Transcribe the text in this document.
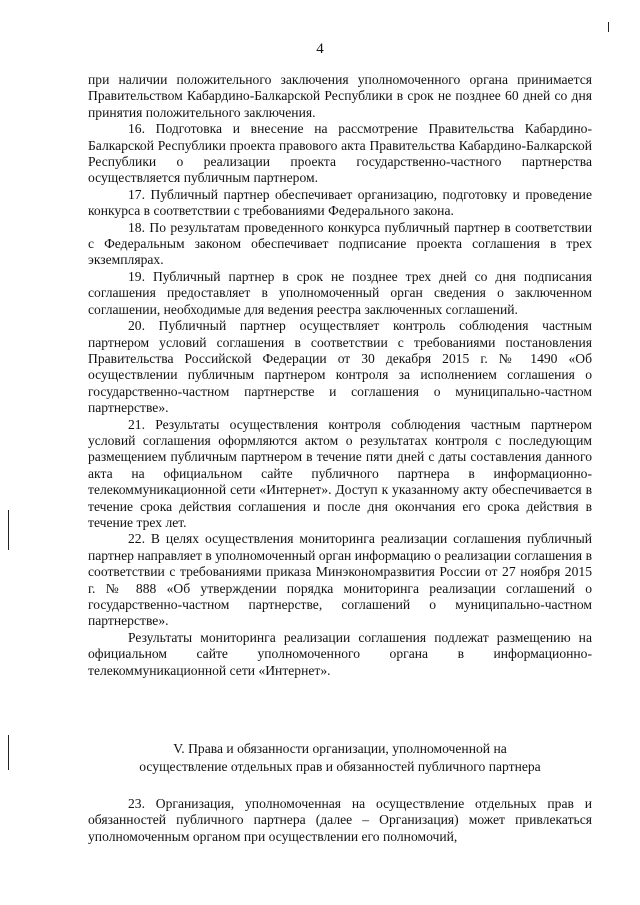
4

при наличии положительного заключения уполномоченного органа принимается Правительством Кабардино-Балкарской Республики в срок не позднее 60 дней со дня принятия положительного заключения.

16. Подготовка и внесение на рассмотрение Правительства Кабардино-Балкарской Республики проекта правового акта Правительства Кабардино-Балкарской Республики о реализации проекта государственно-частного партнерства осуществляется публичным партнером.

17. Публичный партнер обеспечивает организацию, подготовку и проведение конкурса в соответствии с требованиями Федерального закона.

18. По результатам проведенного конкурса публичный партнер в соответствии с Федеральным законом обеспечивает подписание проекта соглашения в трех экземплярах.

19. Публичный партнер в срок не позднее трех дней со дня подписания соглашения предоставляет в уполномоченный орган сведения о заключенном соглашении, необходимые для ведения реестра заключенных соглашений.

20. Публичный партнер осуществляет контроль соблюдения частным партнером условий соглашения в соответствии с требованиями постановления Правительства Российской Федерации от 30 декабря 2015 г. № 1490 «Об осуществлении публичным партнером контроля за исполнением соглашения о государственно-частном партнерстве и соглашения о муниципально-частном партнерстве».

21. Результаты осуществления контроля соблюдения частным партнером условий соглашения оформляются актом о результатах контроля с последующим размещением публичным партнером в течение пяти дней с даты составления данного акта на официальном сайте публичного партнера в информационно-телекоммуникационной сети «Интернет». Доступ к указанному акту обеспечивается в течение срока действия соглашения и после дня окончания его срока действия в течение трех лет.

22. В целях осуществления мониторинга реализации соглашения публичный партнер направляет в уполномоченный орган информацию о реализации соглашения в соответствии с требованиями приказа Минэкономразвития России от 27 ноября 2015 г. № 888 «Об утверждении порядка мониторинга реализации соглашений о государственно-частном партнерстве, соглашений о муниципально-частном партнерстве».

Результаты мониторинга реализации соглашения подлежат размещению на официальном сайте уполномоченного органа в информационно-телекоммуникационной сети «Интернет».

V. Права и обязанности организации, уполномоченной на
осуществление отдельных прав и обязанностей публичного партнера

23. Организация, уполномоченная на осуществление отдельных прав и обязанностей публичного партнера (далее – Организация) может привлекаться уполномоченным органом при осуществлении его полномочий,
